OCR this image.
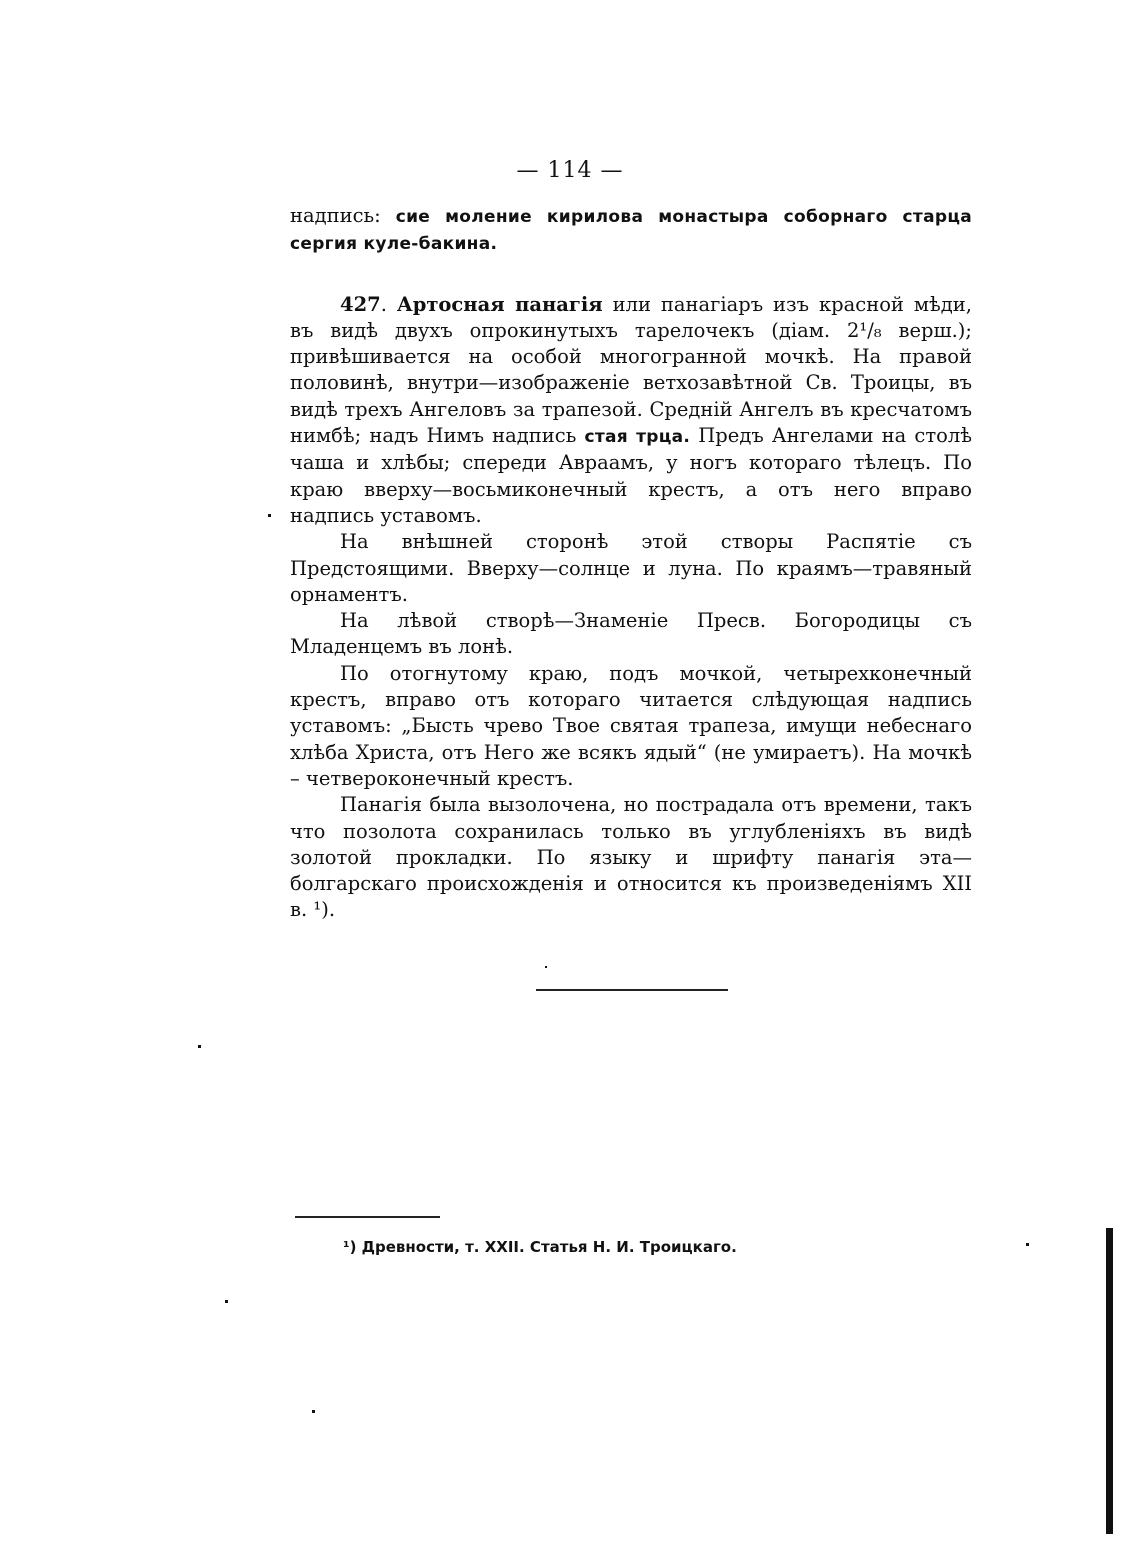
— 114 —

надпись: сие моление кирилова монастыра соборнаго старца сергия куле-бакина.

427. Артосная панагія или панагіаръ изъ красной мѣди, въ видѣ двухъ опрокинутыхъ тарелочекъ (діам. 2¹/₈ верш.); привѣшивается на особой многогранной мочкѣ. На правой половинѣ, внутри—изображеніе ветхозавѣтной Св. Троицы, въ видѣ трехъ Ангеловъ за трапезой. Средній Ангелъ въ кресчатомъ нимбѣ; надъ Нимъ надпись стая трца. Предъ Ангелами на столѣ чаша и хлѣбы; спереди Авраамъ, у ногъ котораго тѣлецъ. По краю вверху—восьмиконечный крестъ, а отъ него вправо надпись уставомъ.

На внѣшней сторонѣ этой створы Распятіе съ Предстоящими. Вверху—солнце и луна. По краямъ—травяный орнаментъ.

На лѣвой створѣ—Знаменіе Пресв. Богородицы съ Младенцемъ въ лонѣ.

По отогнутому краю, подъ мочкой, четырехконечный крестъ, вправо отъ котораго читается слѣдующая надпись уставомъ: „Бысть чрево Твое святая трапеза, имущи небеснаго хлѣба Христа, отъ Него же всякъ ядый“ (не умираетъ). На мочкѣ – четвероконечный крестъ.

Панагія была вызолочена, но пострадала отъ времени, такъ что позолота сохранилась только въ углубленіяхъ въ видѣ золотой прокладки. По языку и шрифту панагія эта—болгарскаго происхожденія и относится къ произведеніямъ XII в. ¹).

¹) Древности, т. XXII. Статья Н. И. Троицкаго.
